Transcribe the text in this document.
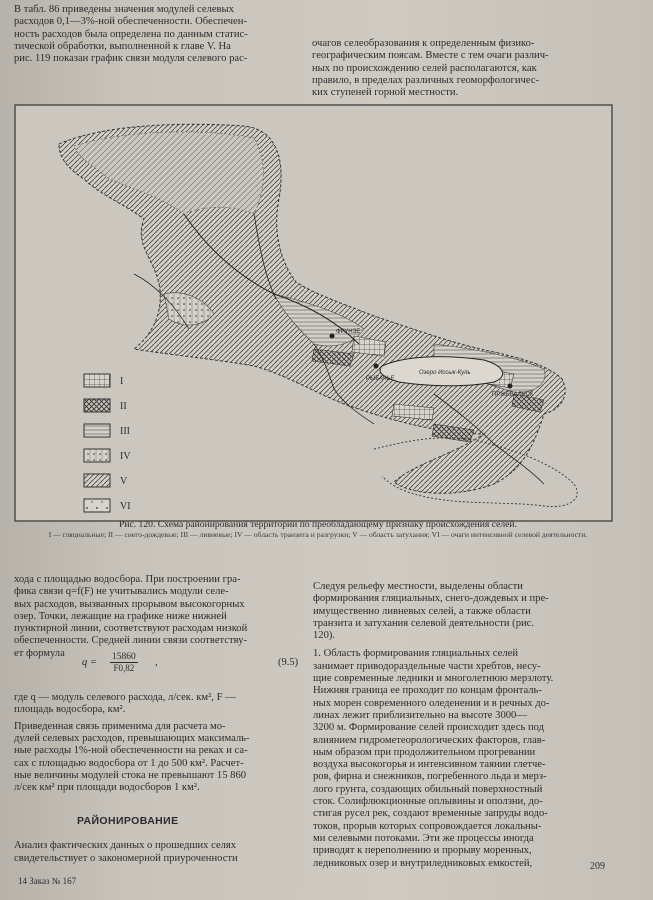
В табл. 86 приведены значения модулей селевых
расходов 0,1—3%-ной обеспеченности. Обеспечен-
ность расходов была определена по данным статис-
тической обработки, выполненной к главе V. На
рис. 119 показан график связи модуля селевого рас-
очагов селеобразования к определенным физико-
географическим поясам. Вместе с тем очаги различ-
ных по происхождению селей располагаются, как
правило, в пределах различных геоморфологичес-
ких ступеней горной местности.
ФРУНЗЕ
РЫБАЧЬЕ
Озеро Иссык-Куль
ПРЖЕВАЛЬСК
I
II
III
IV
V
VI
Рис. 120. Схема районирования территории по преобладающему признаку происхождения селей.
I — гляциальные; II — снего-дождевые; III — ливневые; IV — область транзита и разгрузки; V — область затухания; VI — очаги интенсивной селевой деятельности.
хода с площадью водосбора. При построении гра-
фика связи q=f(F) не учитывались модули селе-
вых расходов, вызванных прорывом высокогорных
озер. Точки, лежащие на графике ниже нижней
пунктирной линии, соответствуют расходам низкой
обеспеченности. Средней линии связи соответству-
ет формула
где q — модуль селевого расхода, л/сек. км², F —
площадь водосбора, км².
Приведенная связь применима для расчета мо-
дулей селевых расходов, превышающих максималь-
ные расходы 1%-ной обеспеченности на реках и са-
сах с площадью водосбора от 1 до 500 км². Расчет-
ные величины модулей стока не превышают 15 860
л/сек км² при площади водосборов 1 км².
Анализ фактических данных о прошедших селях
свидетельствует о закономерной приуроченности
$q = \frac{15860}{F0,82}$ ,	(9.5)
РАЙОНИРОВАНИЕ
Следуя рельефу местности, выделены области
формирования гляциальных, снего-дождевых и пре-
имущественно ливневых селей, а также области
транзита и затухания селевой деятельности (рис.
120).
1. Область формирования гляциальных селей
занимает приводораздельные части хребтов, несу-
щие современные ледники и многолетнюю мерзлоту.
Нижняя граница ее проходит по концам фронталь-
ных морен современного оледенения и в речных до-
линах лежит приблизительно на высоте 3000—
3200 м. Формирование селей происходит здесь под
влиянием гидрометеорологических факторов, глав-
ным образом при продолжительном прогревании
воздуха высокогорья и интенсивном таянии глетче-
ров, фирна и снежников, погребенного льда и мерз-
лого грунта, создающих обильный поверхностный
сток. Солифлюкционные оплывины и оползни, до-
стигая русел рек, создают временные запруды водо-
токов, прорыв которых сопровождается локальны-
ми селевыми потоками. Эти же процессы иногда
приводят к переполнению и прорыву моренных,
ледниковых озер и внутриледниковых емкостей,
14 Заказ № 167
209
